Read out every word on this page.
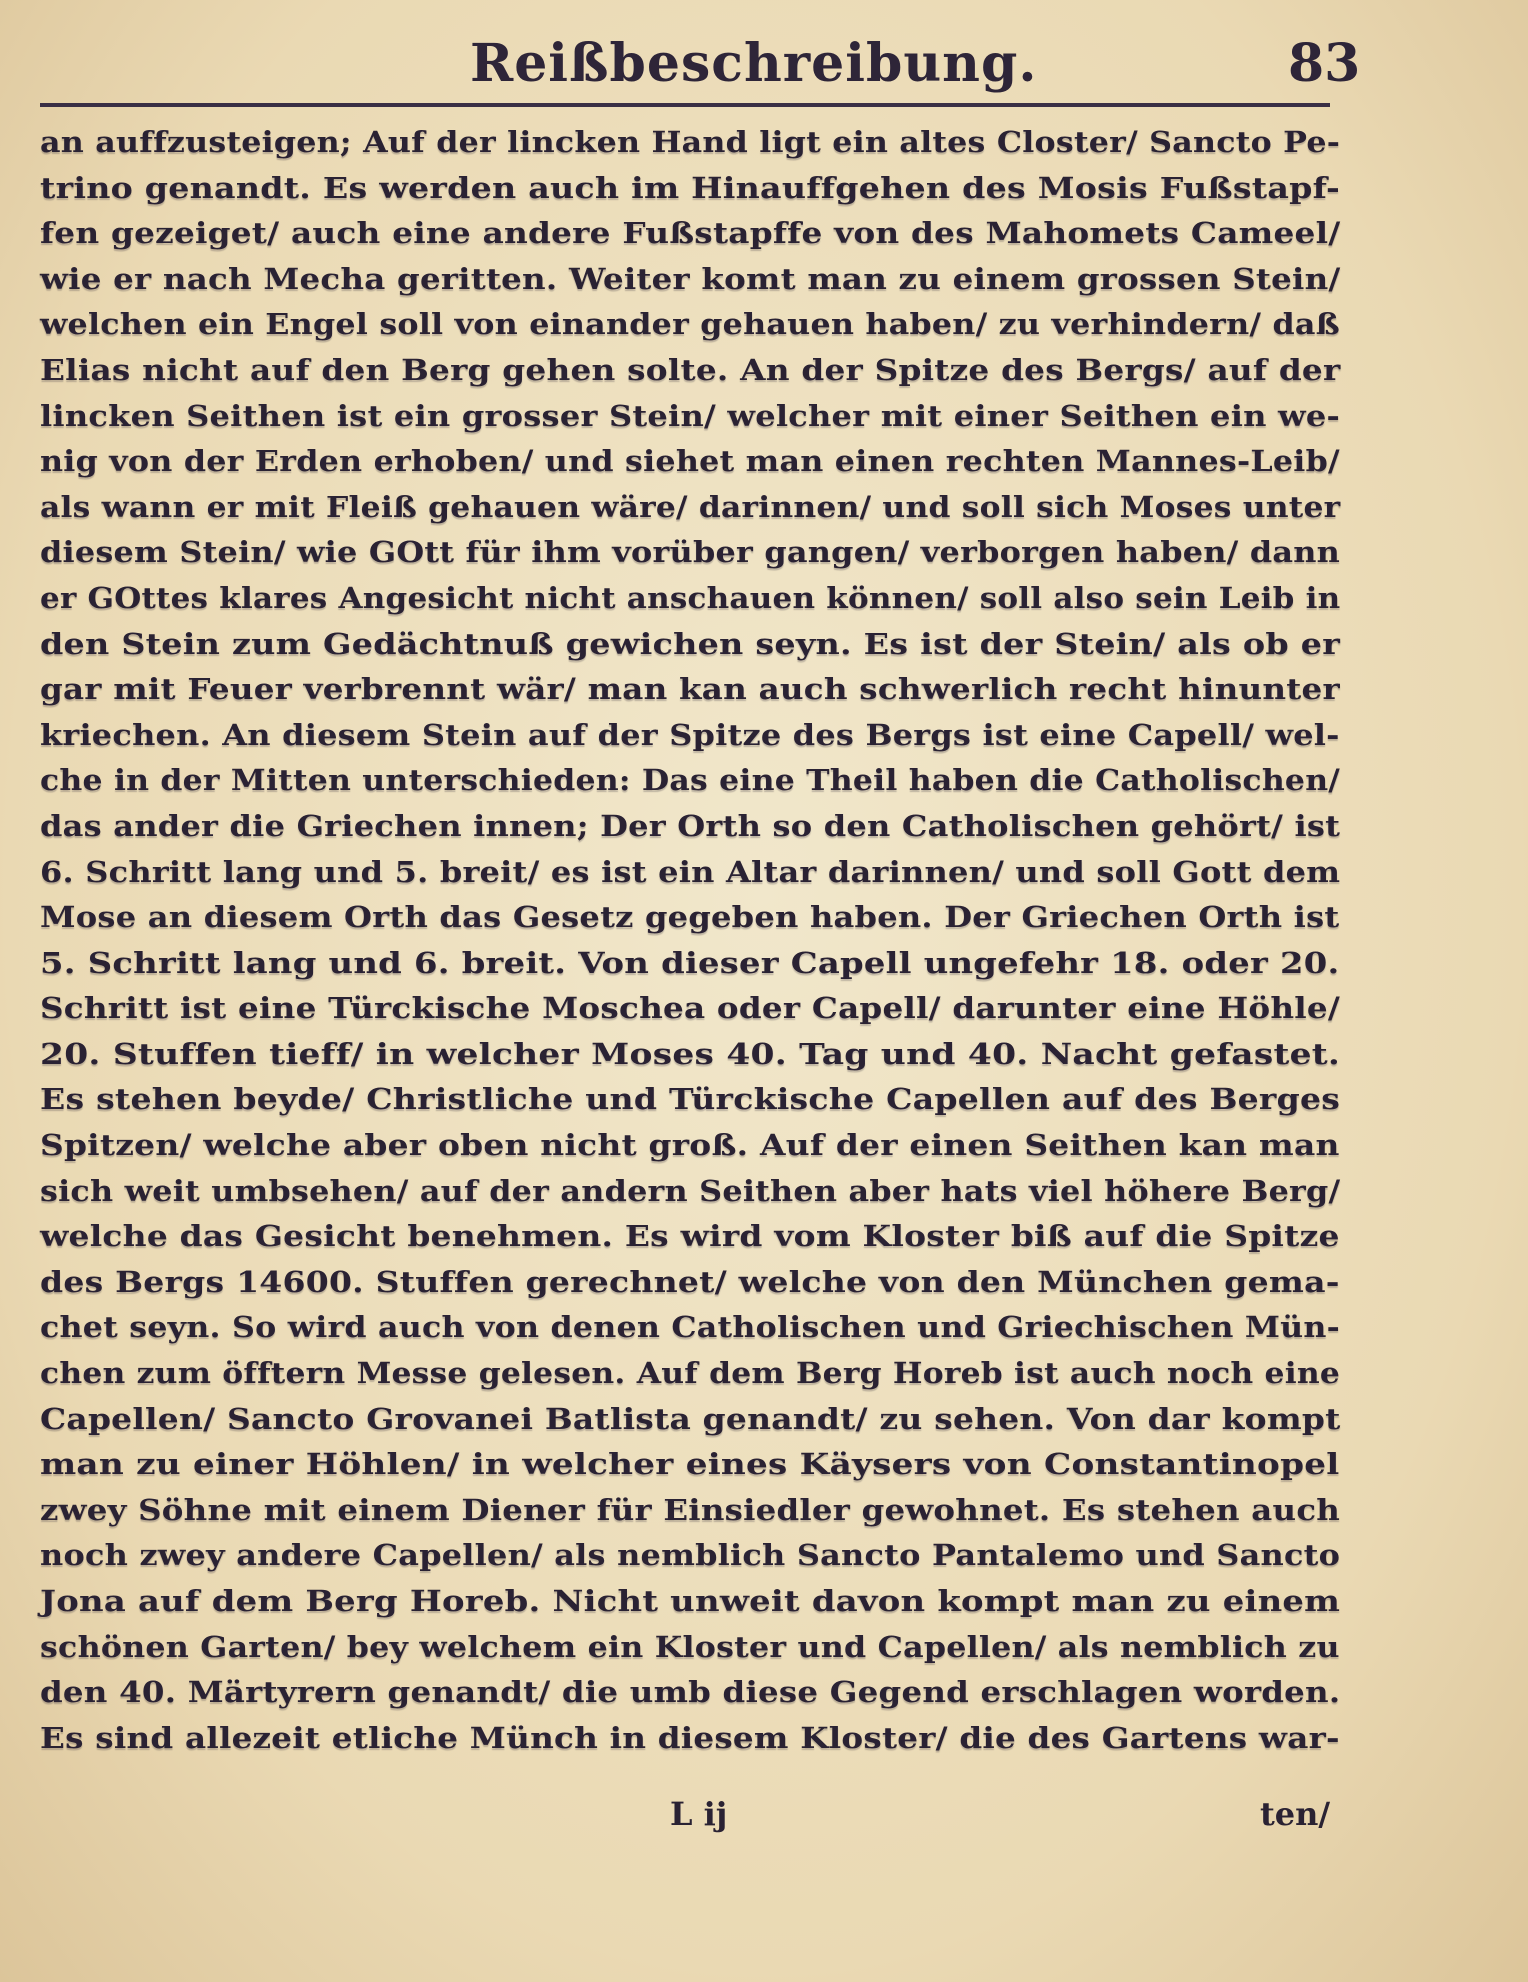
Reißbeschreibung.	83
an auffzusteigen; Auf der lincken Hand ligt ein altes Closter/ Sancto Pe-
trino genandt. Es werden auch im Hinauffgehen des Mosis Fußstapf-
fen gezeiget/ auch eine andere Fußstapffe von des Mahomets Cameel/
wie er nach Mecha geritten. Weiter komt man zu einem grossen Stein/
welchen ein Engel soll von einander gehauen haben/ zu verhindern/ daß
Elias nicht auf den Berg gehen solte. An der Spitze des Bergs/ auf der
lincken Seithen ist ein grosser Stein/ welcher mit einer Seithen ein we-
nig von der Erden erhoben/ und siehet man einen rechten Mannes-Leib/
als wann er mit Fleiß gehauen wäre/ darinnen/ und soll sich Moses unter
diesem Stein/ wie GOtt für ihm vorüber gangen/ verborgen haben/ dann
er GOttes klares Angesicht nicht anschauen können/ soll also sein Leib in
den Stein zum Gedächtnuß gewichen seyn. Es ist der Stein/ als ob er
gar mit Feuer verbrennt wär/ man kan auch schwerlich recht hinunter
kriechen. An diesem Stein auf der Spitze des Bergs ist eine Capell/ wel-
che in der Mitten unterschieden: Das eine Theil haben die Catholischen/
das ander die Griechen innen; Der Orth so den Catholischen gehört/ ist
6. Schritt lang und 5. breit/ es ist ein Altar darinnen/ und soll Gott dem
Mose an diesem Orth das Gesetz gegeben haben. Der Griechen Orth ist
5. Schritt lang und 6. breit. Von dieser Capell ungefehr 18. oder 20.
Schritt ist eine Türckische Moschea oder Capell/ darunter eine Höhle/
20. Stuffen tieff/ in welcher Moses 40. Tag und 40. Nacht gefastet.
Es stehen beyde/ Christliche und Türckische Capellen auf des Berges
Spitzen/ welche aber oben nicht groß. Auf der einen Seithen kan man
sich weit umbsehen/ auf der andern Seithen aber hats viel höhere Berg/
welche das Gesicht benehmen. Es wird vom Kloster biß auf die Spitze
des Bergs 14600. Stuffen gerechnet/ welche von den München gema-
chet seyn. So wird auch von denen Catholischen und Griechischen Mün-
chen zum öfftern Messe gelesen. Auf dem Berg Horeb ist auch noch eine
Capellen/ Sancto Grovanei Batlista genandt/ zu sehen. Von dar kompt
man zu einer Höhlen/ in welcher eines Käysers von Constantinopel
zwey Söhne mit einem Diener für Einsiedler gewohnet. Es stehen auch
noch zwey andere Capellen/ als nemblich Sancto Pantalemo und Sancto
Jona auf dem Berg Horeb. Nicht unweit davon kompt man zu einem
schönen Garten/ bey welchem ein Kloster und Capellen/ als nemblich zu
den 40. Märtyrern genandt/ die umb diese Gegend erschlagen worden.
Es sind allezeit etliche Münch in diesem Kloster/ die des Gartens war-
L ij	ten/
